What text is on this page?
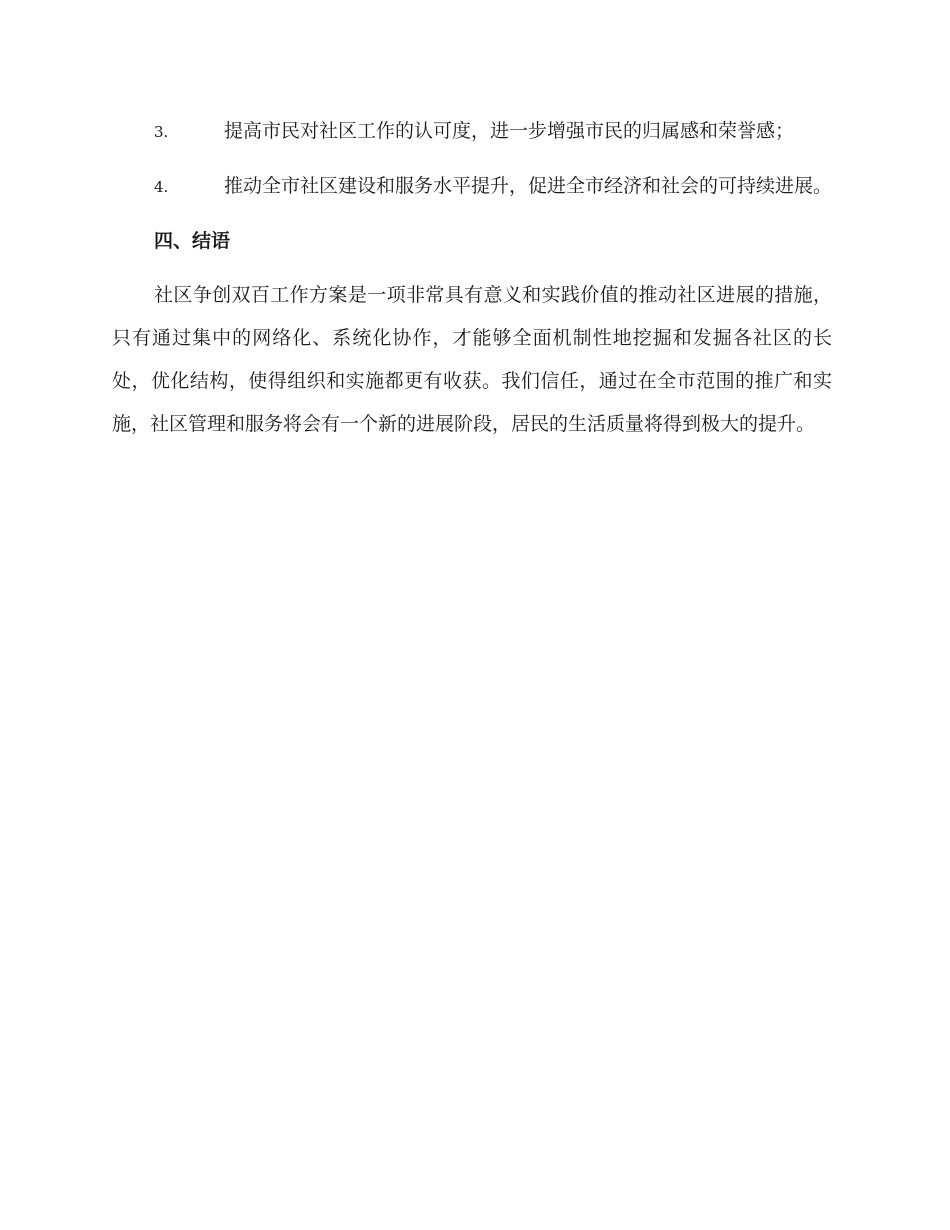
3.	提高市民对社区工作的认可度，进一步增强市民的归属感和荣誉感；

4.	推动全市社区建设和服务水平提升，促进全市经济和社会的可持续进展。

四、结语

社区争创双百工作方案是一项非常具有意义和实践价值的推动社区进展的措施，只有通过集中的网络化、系统化协作，才能够全面机制性地挖掘和发掘各社区的长处，优化结构，使得组织和实施都更有收获。我们信任，通过在全市范围的推广和实施，社区管理和服务将会有一个新的进展阶段，居民的生活质量将得到极大的提升。
